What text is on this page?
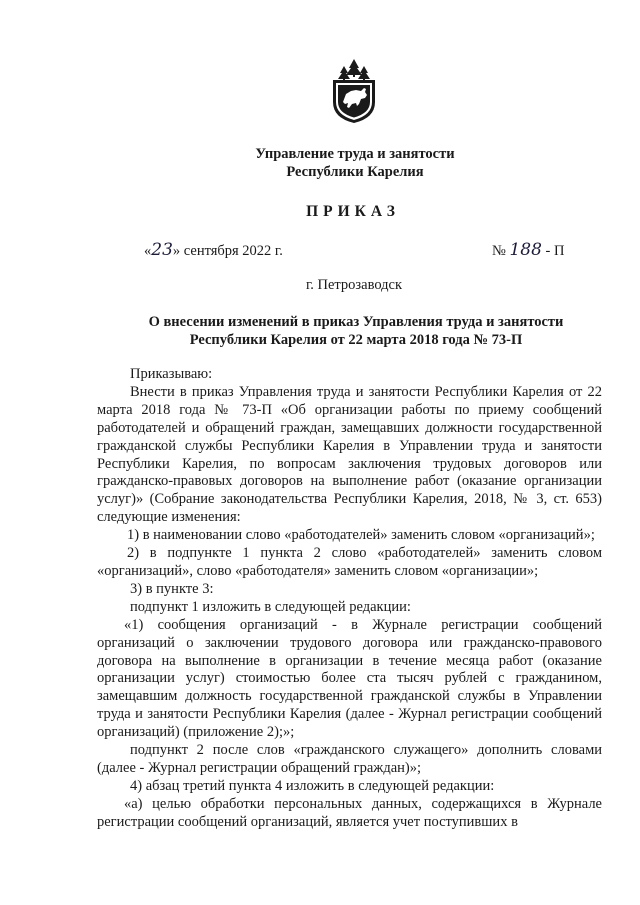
Управление труда и занятости
Республики Карелия
ПРИКАЗ
«23» сентября 2022 г.	№ 188 - П
г. Петрозаводск
О внесении изменений в приказ Управления труда и занятости
Республики Карелия от 22 марта 2018 года № 73-П

Приказываю:

Внести в приказ Управления труда и занятости Республики Карелия от 22 марта 2018 года № 73-П «Об организации работы по приему сообщений работодателей и обращений граждан, замещавших должности государственной гражданской службы Республики Карелия в Управлении труда и занятости Республики Карелия, по вопросам заключения трудовых договоров или гражданско-правовых договоров на выполнение работ (оказание организации услуг)» (Собрание законодательства Республики Карелия, 2018, № 3, ст. 653) следующие изменения:

1) в наименовании слово «работодателей» заменить словом «организаций»;

2) в подпункте 1 пункта 2 слово «работодателей» заменить словом «организаций», слово «работодателя» заменить словом «организации»;

3) в пункте 3:

подпункт 1 изложить в следующей редакции:

«1) сообщения организаций - в Журнале регистрации сообщений организаций о заключении трудового договора или гражданско-правового договора на выполнение в организации в течение месяца работ (оказание организации услуг) стоимостью более ста тысяч рублей с гражданином, замещавшим должность государственной гражданской службы в Управлении труда и занятости Республики Карелия (далее - Журнал регистрации сообщений организаций) (приложение 2);»;

подпункт 2 после слов «гражданского служащего» дополнить словами (далее - Журнал регистрации обращений граждан)»;

4) абзац третий пункта 4 изложить в следующей редакции:

«а) целью обработки персональных данных, содержащихся в Журнале регистрации сообщений организаций, является учет поступивших в
